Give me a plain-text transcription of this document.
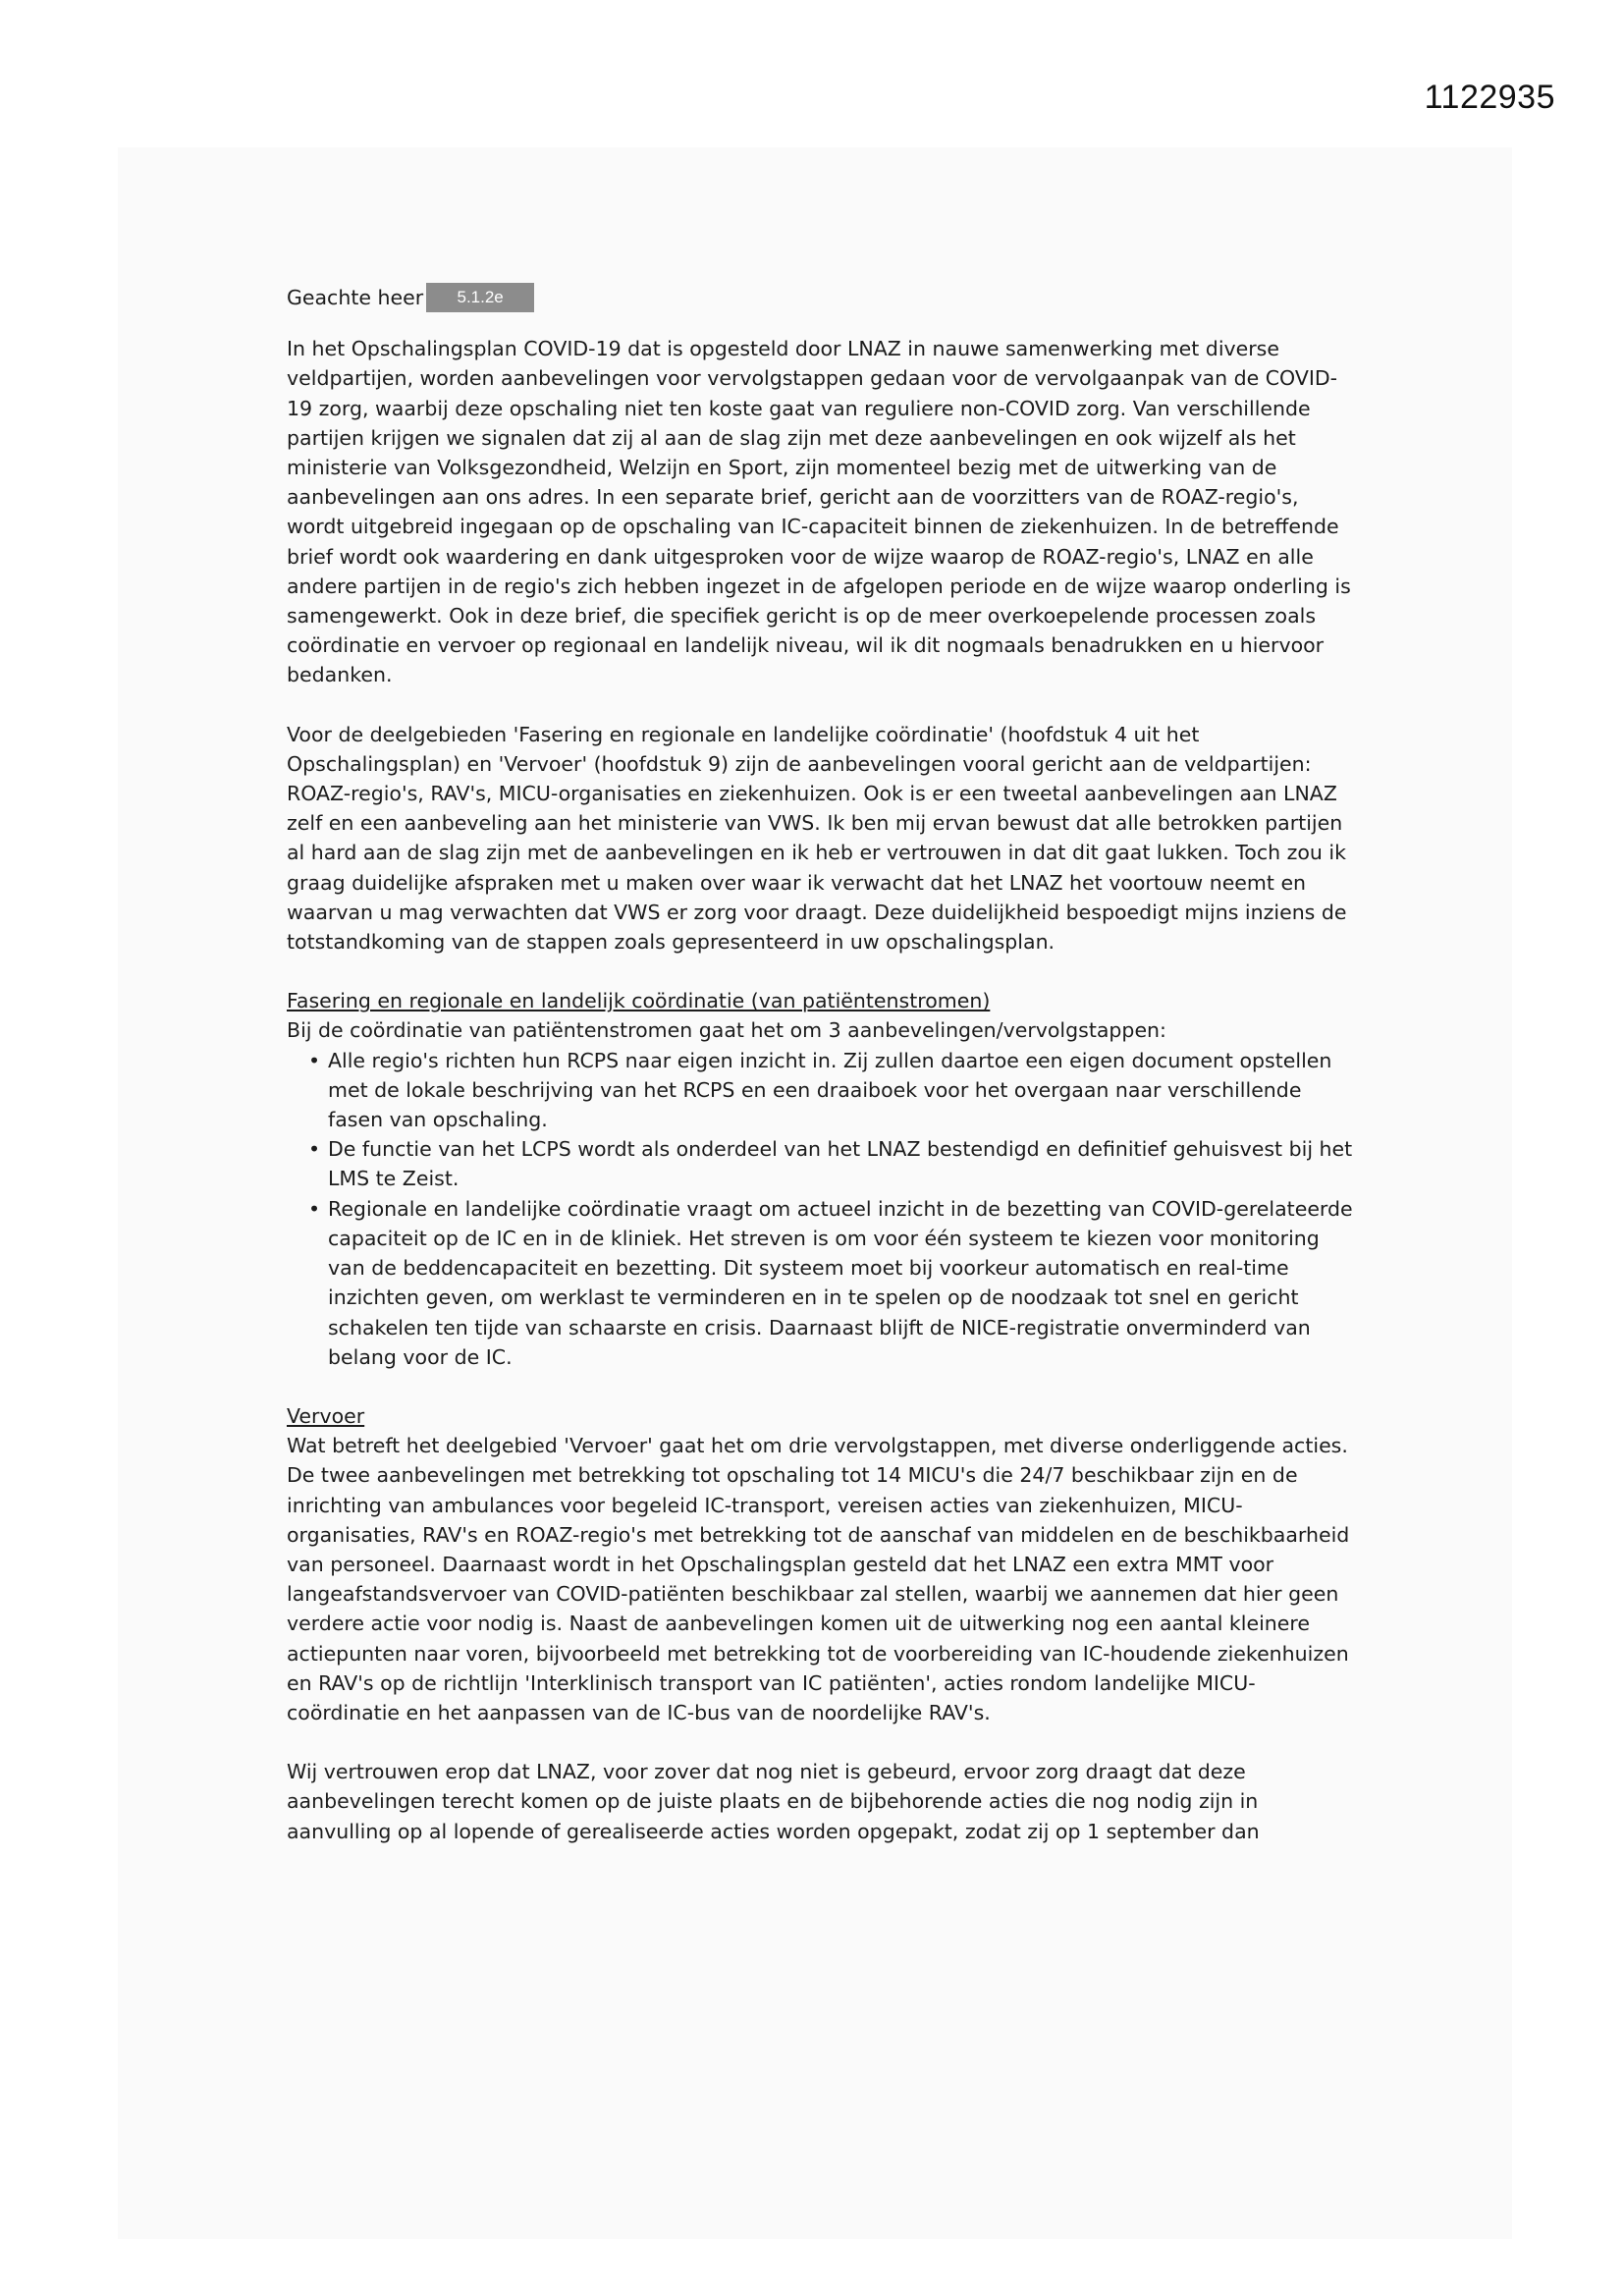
1122935
Geachte heer	5.1.2e

In het Opschalingsplan COVID-19 dat is opgesteld door LNAZ in nauwe samenwerking met diverse veldpartijen, worden aanbevelingen voor vervolgstappen gedaan voor de vervolgaanpak van de COVID-19 zorg, waarbij deze opschaling niet ten koste gaat van reguliere non-COVID zorg. Van verschillende partijen krijgen we signalen dat zij al aan de slag zijn met deze aanbevelingen en ook wijzelf als het ministerie van Volksgezondheid, Welzijn en Sport, zijn momenteel bezig met de uitwerking van de aanbevelingen aan ons adres. In een separate brief, gericht aan de voorzitters van de ROAZ-regio's, wordt uitgebreid ingegaan op de opschaling van IC-capaciteit binnen de ziekenhuizen. In de betreffende brief wordt ook waardering en dank uitgesproken voor de wijze waarop de ROAZ-regio's, LNAZ en alle andere partijen in de regio's zich hebben ingezet in de afgelopen periode en de wijze waarop onderling is samengewerkt. Ook in deze brief, die specifiek gericht is op de meer overkoepelende processen zoals coördinatie en vervoer op regionaal en landelijk niveau, wil ik dit nogmaals benadrukken en u hiervoor bedanken.

Voor de deelgebieden 'Fasering en regionale en landelijke coördinatie' (hoofdstuk 4 uit het Opschalingsplan) en 'Vervoer' (hoofdstuk 9) zijn de aanbevelingen vooral gericht aan de veldpartijen: ROAZ-regio's, RAV's, MICU-organisaties en ziekenhuizen. Ook is er een tweetal aanbevelingen aan LNAZ zelf en een aanbeveling aan het ministerie van VWS. Ik ben mij ervan bewust dat alle betrokken partijen al hard aan de slag zijn met de aanbevelingen en ik heb er vertrouwen in dat dit gaat lukken. Toch zou ik graag duidelijke afspraken met u maken over waar ik verwacht dat het LNAZ het voortouw neemt en waarvan u mag verwachten dat VWS er zorg voor draagt. Deze duidelijkheid bespoedigt mijns inziens de totstandkoming van de stappen zoals gepresenteerd in uw opschalingsplan.

Fasering en regionale en landelijk coördinatie (van patiëntenstromen)

Bij de coördinatie van patiëntenstromen gaat het om 3 aanbevelingen/vervolgstappen:

• Alle regio's richten hun RCPS naar eigen inzicht in. Zij zullen daartoe een eigen document opstellen met de lokale beschrijving van het RCPS en een draaiboek voor het overgaan naar verschillende fasen van opschaling.
• De functie van het LCPS wordt als onderdeel van het LNAZ bestendigd en definitief gehuisvest bij het LMS te Zeist.
• Regionale en landelijke coördinatie vraagt om actueel inzicht in de bezetting van COVID-gerelateerde capaciteit op de IC en in de kliniek. Het streven is om voor één systeem te kiezen voor monitoring van de beddencapaciteit en bezetting. Dit systeem moet bij voorkeur automatisch en real-time inzichten geven, om werklast te verminderen en in te spelen op de noodzaak tot snel en gericht schakelen ten tijde van schaarste en crisis. Daarnaast blijft de NICE-registratie onverminderd van belang voor de IC.

Vervoer

Wat betreft het deelgebied 'Vervoer' gaat het om drie vervolgstappen, met diverse onderliggende acties. De twee aanbevelingen met betrekking tot opschaling tot 14 MICU's die 24/7 beschikbaar zijn en de inrichting van ambulances voor begeleid IC-transport, vereisen acties van ziekenhuizen, MICU-organisaties, RAV's en ROAZ-regio's met betrekking tot de aanschaf van middelen en de beschikbaarheid van personeel. Daarnaast wordt in het Opschalingsplan gesteld dat het LNAZ een extra MMT voor langeafstandsvervoer van COVID-patiënten beschikbaar zal stellen, waarbij we aannemen dat hier geen verdere actie voor nodig is. Naast de aanbevelingen komen uit de uitwerking nog een aantal kleinere actiepunten naar voren, bijvoorbeeld met betrekking tot de voorbereiding van IC-houdende ziekenhuizen en RAV's op de richtlijn 'Interklinisch transport van IC patiënten', acties rondom landelijke MICU-coördinatie en het aanpassen van de IC-bus van de noordelijke RAV's.

Wij vertrouwen erop dat LNAZ, voor zover dat nog niet is gebeurd, ervoor zorg draagt dat deze aanbevelingen terecht komen op de juiste plaats en de bijbehorende acties die nog nodig zijn in aanvulling op al lopende of gerealiseerde acties worden opgepakt, zodat zij op 1 september dan
